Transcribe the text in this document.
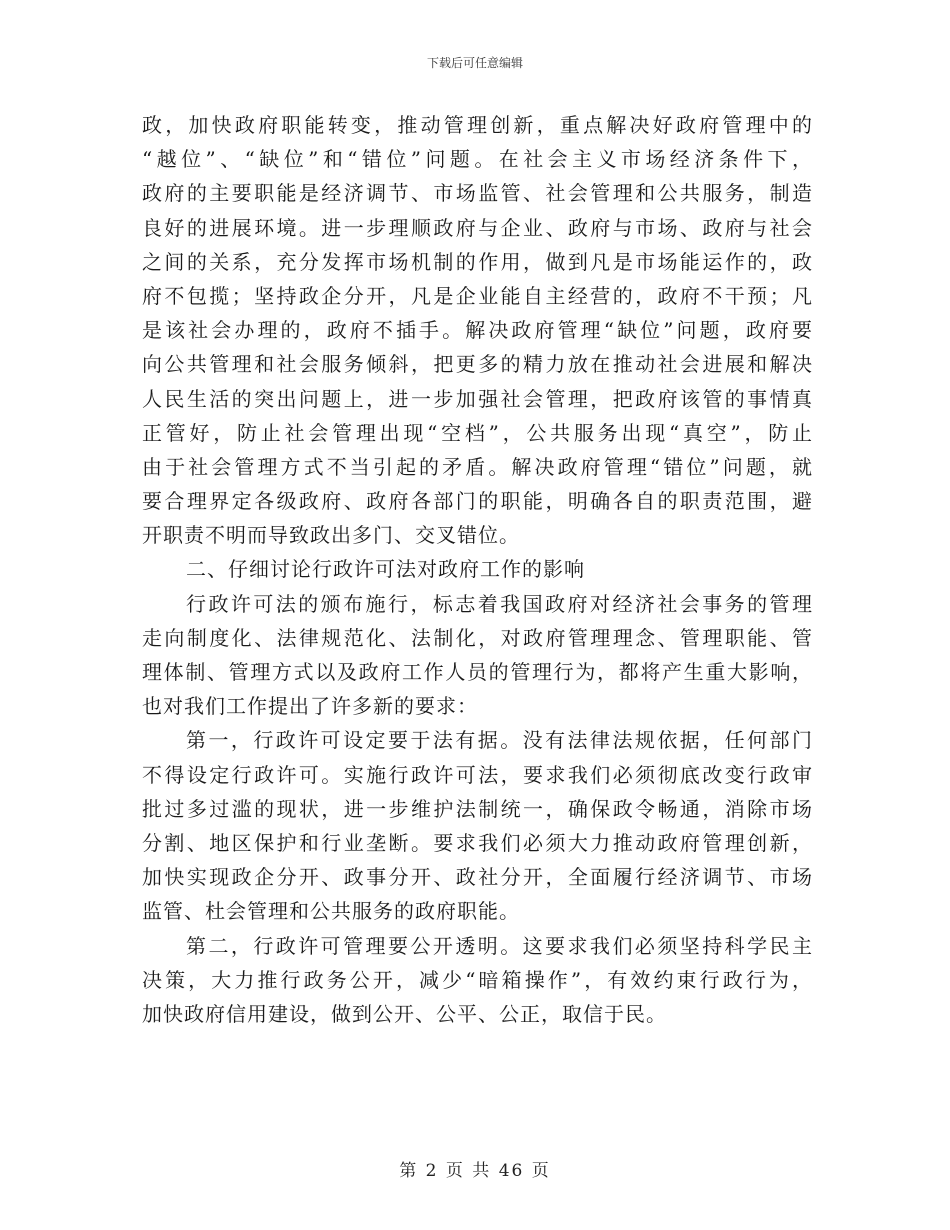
下载后可任意编辑
政，加快政府职能转变，推动管理创新，重点解决好政府管理中的
“越位”、“缺位”和“错位”问题。在社会主义市场经济条件下，
政府的主要职能是经济调节、市场监管、社会管理和公共服务，制造
良好的进展环境。进一步理顺政府与企业、政府与市场、政府与社会
之间的关系，充分发挥市场机制的作用，做到凡是市场能运作的，政
府不包揽；坚持政企分开，凡是企业能自主经营的，政府不干预；凡
是该社会办理的，政府不插手。解决政府管理“缺位”问题，政府要
向公共管理和社会服务倾斜，把更多的精力放在推动社会进展和解决
人民生活的突出问题上，进一步加强社会管理，把政府该管的事情真
正管好，防止社会管理出现“空档”，公共服务出现“真空”，防止
由于社会管理方式不当引起的矛盾。解决政府管理“错位”问题，就
要合理界定各级政府、政府各部门的职能，明确各自的职责范围，避
开职责不明而导致政出多门、交叉错位。
二、仔细讨论行政许可法对政府工作的影响
行政许可法的颁布施行，标志着我国政府对经济社会事务的管理
走向制度化、法律规范化、法制化，对政府管理理念、管理职能、管
理体制、管理方式以及政府工作人员的管理行为，都将产生重大影响，
也对我们工作提出了许多新的要求：
第一，行政许可设定要于法有据。没有法律法规依据，任何部门
不得设定行政许可。实施行政许可法，要求我们必须彻底改变行政审
批过多过滥的现状，进一步维护法制统一，确保政令畅通，消除市场
分割、地区保护和行业垄断。要求我们必须大力推动政府管理创新，
加快实现政企分开、政事分开、政社分开，全面履行经济调节、市场
监管、杜会管理和公共服务的政府职能。
第二，行政许可管理要公开透明。这要求我们必须坚持科学民主
决策，大力推行政务公开，减少“暗箱操作”，有效约束行政行为，
加快政府信用建设，做到公开、公平、公正，取信于民。
第 2 页 共 46 页
